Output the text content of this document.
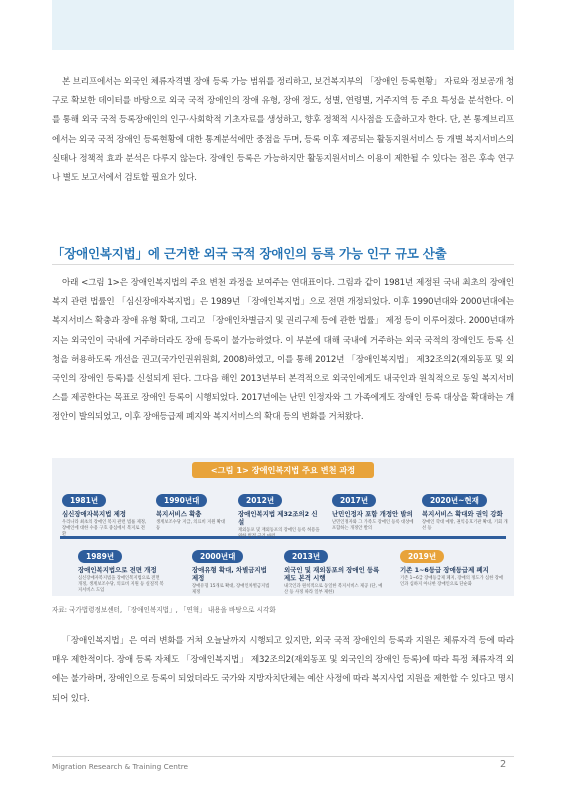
본 브리프에서는 외국인 체류자격별 장애 등록 가능 범위를 정리하고, 보건복지부의 「장애인 등록현황」 자료와 정보공개 청구로 확보한 데이터를 바탕으로 외국 국적 장애인의 장애 유형, 장애 정도, 성별, 연령별, 거주지역 등 주요 특성을 분석한다. 이를 통해 외국 국적 등록장애인의 인구·사회학적 기초자료를 생성하고, 향후 정책적 시사점을 도출하고자 한다. 단, 본 통계브리프에서는 외국 국적 장애인 등록현황에 대한 통계분석에만 중점을 두며, 등록 이후 제공되는 활동지원서비스 등 개별 복지서비스의 실태나 정책적 효과 분석은 다루지 않는다. 장애인 등록은 가능하지만 활동지원서비스 이용이 제한될 수 있다는 점은 후속 연구나 별도 보고서에서 검토할 필요가 있다.

「장애인복지법」에 근거한 외국 국적 장애인의 등록 가능 인구 규모 산출

아래 <그림 1>은 장애인복지법의 주요 변천 과정을 보여주는 연대표이다. 그림과 같이 1981년 제정된 국내 최초의 장애인복지 관련 법률인 「심신장애자복지법」은 1989년 「장애인복지법」으로 전면 개정되었다. 이후 1990년대와 2000년대에는 복지서비스 확충과 장애 유형 확대, 그리고 「장애인차별금지 및 권리구제 등에 관한 법률」 제정 등이 이루어졌다. 2000년대까지는 외국인이 국내에 거주하더라도 장애 등록이 불가능하였다. 이 부분에 대해 국내에 거주하는 외국 국적의 장애인도 등록 신청을 허용하도록 개선을 권고(국가인권위원회, 2008)하였고, 이를 통해 2012년 「장애인복지법」 제32조의2(재외동포 및 외국인의 장애인 등록)를 신설되게 된다. 그다음 해인 2013년부터 본격적으로 외국인에게도 내국인과 원칙적으로 동일 복지서비스를 제공한다는 목표로 장애인 등록이 시행되었다. 2017년에는 난민 인정자와 그 가족에게도 장애인 등록 대상을 확대하는 개정안이 발의되었고, 이후 장애등급제 폐지와 복지서비스의 확대 등의 변화를 거쳐왔다.

<그림 1> 장애인복지법 주요 변천 과정
1981년
심신장애자복지법 제정
우리나라 최초의 장애인 복지 관련 법률 제정, 장애인에 대한 수용 구호 중심에서 복지로 전환
1990년대
복지서비스 확충
생계보조수당 지급, 의료비 지원 확대 등
2012년
장애인복지법 제32조의2 신설
재외동포 및 재외동포의 장애인 등록 허용을 위한 법적 근거 마련
2017년
난민인정자 포함 개정안 발의
난민인정자와 그 가족도 장애인 등록 대상에 포함하는 개정안 발의
2020년~현재
복지서비스 확대와 권익 강화
장애인 학대 예방, 권익옹호기관 확대, 기회 개선 등
1989년
장애인복지법으로 전면 개정
심신장애자복지법을 장애인복지법으로 전면 개정, 생계보조수당, 의료비 지원 등 실질적 복지서비스 도입
2000년대
장애유형 확대, 차별금지법 제정
장애유형 15개로 확대, 장애인차별금지법 제정
2013년
외국인 및 재외동포의 장애인 등록 제도 본격 시행
내국인과 원칙적으로 동일한 복지서비스 제공 (단, 예산 등 사정 따라 일부 제한)
2019년
기존 1~6등급 장애등급제 폐지
기존 1~6급 장애등급제 폐지, 장애의 정도가 심한 장애인과 심하지 아니한 장애인으로 단순화
자료: 국가법령정보센터, 「장애인복지법」, 「연혁」 내용을 바탕으로 시각화

「장애인복지법」은 여러 변화를 거쳐 오늘날까지 시행되고 있지만, 외국 국적 장애인의 등록과 지원은 체류자격 등에 따라 매우 제한적이다. 장애 등록 자체도 「장애인복지법」 제32조의2(재외동포 및 외국인의 장애인 등록)에 따라 특정 체류자격 외에는 불가하며, 장애인으로 등록이 되었더라도 국가와 지방자치단체는 예산 사정에 따라 복지사업 지원을 제한할 수 있다고 명시되어 있다.

Migration Research & Training Centre	2
